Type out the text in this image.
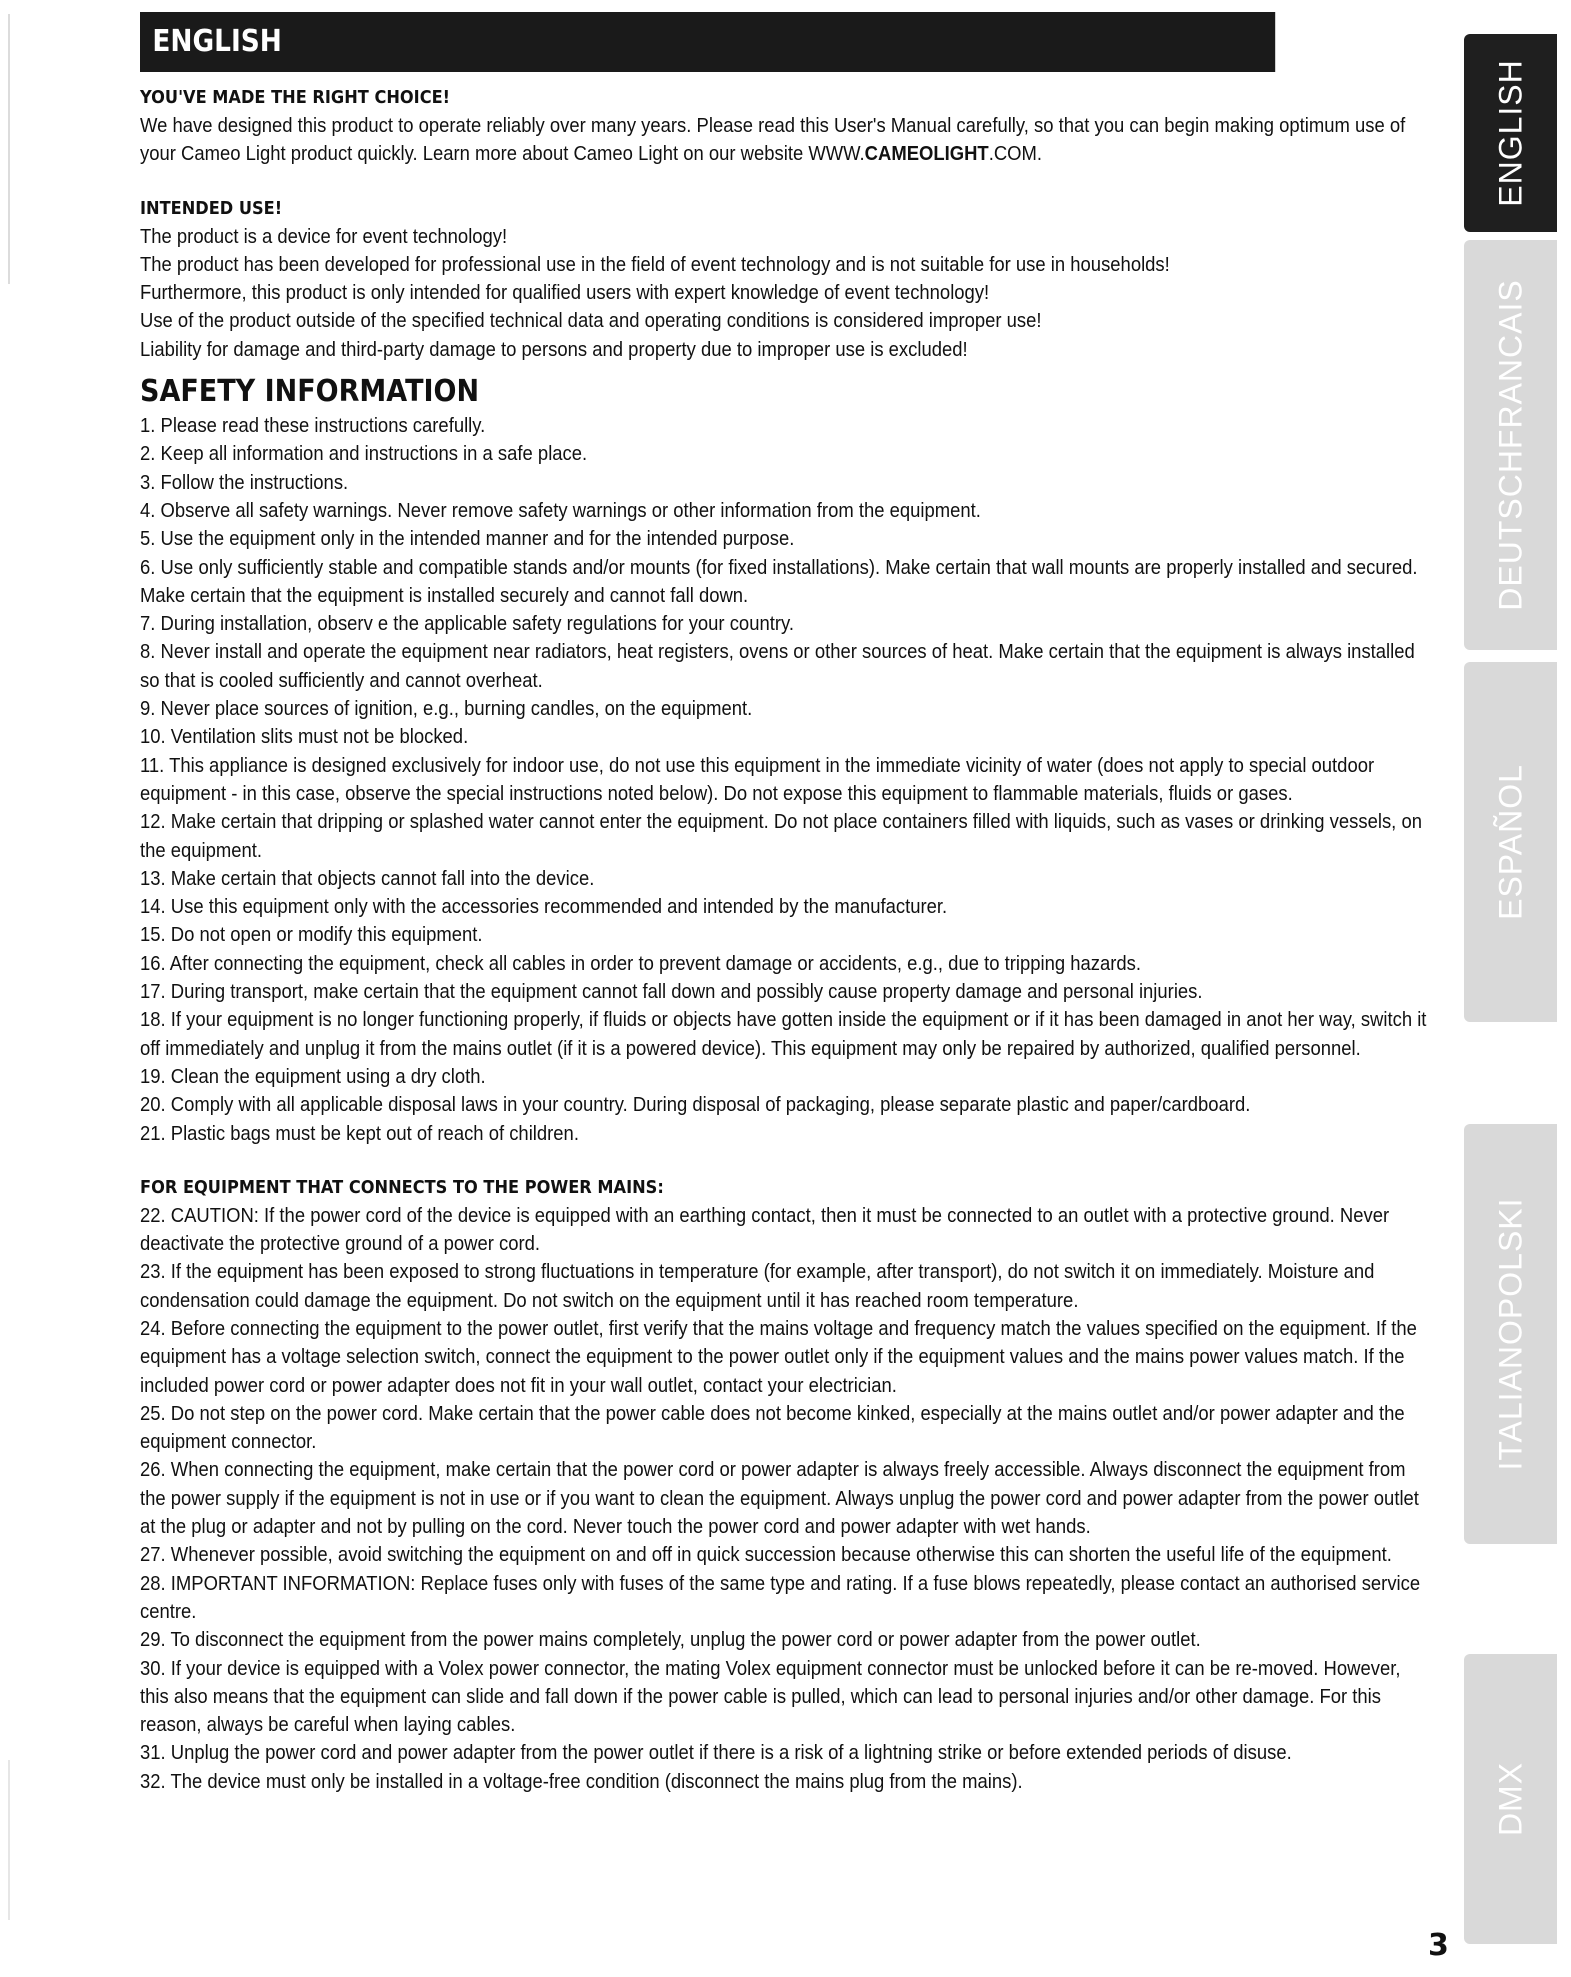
ENGLISH

YOU'VE MADE THE RIGHT CHOICE!

We have designed this product to operate reliably over many years. Please read this User's Manual carefully, so that you can begin making optimum use of your Cameo Light product quickly. Learn more about Cameo Light on our website WWW.CAMEOLIGHT.COM.

INTENDED USE!

The product is a device for event technology!

The product has been developed for professional use in the field of event technology and is not suitable for use in households!

Furthermore, this product is only intended for qualified users with expert knowledge of event technology!

Use of the product outside of the specified technical data and operating conditions is considered improper use!

Liability for damage and third-party damage to persons and property due to improper use is excluded!

SAFETY INFORMATION

1. Please read these instructions carefully.

2. Keep all information and instructions in a safe place.

3. Follow the instructions.

4. Observe all safety warnings. Never remove safety warnings or other information from the equipment.

5. Use the equipment only in the intended manner and for the intended purpose.

6. Use only sufficiently stable and compatible stands and/or mounts (for fixed installations). Make certain that wall mounts are properly installed and secured. Make certain that the equipment is installed securely and cannot fall down.

7. During installation, observ e the applicable safety regulations for your country.

8. Never install and operate the equipment near radiators, heat registers, ovens or other sources of heat. Make certain that the equipment is always installed so that is cooled sufficiently and cannot overheat.

9. Never place sources of ignition, e.g., burning candles, on the equipment.

10. Ventilation slits must not be blocked.

11. This appliance is designed exclusively for indoor use, do not use this equipment in the immediate vicinity of water (does not apply to special outdoor equipment - in this case, observe the special instructions noted below). Do not expose this equipment to flammable materials, fluids or gases.

12. Make certain that dripping or splashed water cannot enter the equipment. Do not place containers filled with liquids, such as vases or drinking vessels, on the equipment.

13. Make certain that objects cannot fall into the device.

14. Use this equipment only with the accessories recommended and intended by the manufacturer.

15. Do not open or modify this equipment.

16. After connecting the equipment, check all cables in order to prevent damage or accidents, e.g., due to tripping hazards.

17. During transport, make certain that the equipment cannot fall down and possibly cause property damage and personal injuries.

18. If your equipment is no longer functioning properly, if fluids or objects have gotten inside the equipment or if it has been damaged in anot her way, switch it off immediately and unplug it from the mains outlet (if it is a powered device). This equipment may only be repaired by authorized, qualified personnel.

19. Clean the equipment using a dry cloth.

20. Comply with all applicable disposal laws in your country. During disposal of packaging, please separate plastic and paper/cardboard.

21. Plastic bags must be kept out of reach of children.

FOR EQUIPMENT THAT CONNECTS TO THE POWER MAINS:

22. CAUTION: If the power cord of the device is equipped with an earthing contact, then it must be connected to an outlet with a protective ground. Never deactivate the protective ground of a power cord.

23. If the equipment has been exposed to strong fluctuations in temperature (for example, after transport), do not switch it on immediately. Moisture and condensation could damage the equipment. Do not switch on the equipment until it has reached room temperature.

24. Before connecting the equipment to the power outlet, first verify that the mains voltage and frequency match the values specified on the equipment. If the equipment has a voltage selection switch, connect the equipment to the power outlet only if the equipment values and the mains power values match. If the included power cord or power adapter does not fit in your wall outlet, contact your electrician.

25. Do not step on the power cord. Make certain that the power cable does not become kinked, especially at the mains outlet and/or power adapter and the equipment connector.

26. When connecting the equipment, make certain that the power cord or power adapter is always freely accessible. Always disconnect the equipment from the power supply if the equipment is not in use or if you want to clean the equipment. Always unplug the power cord and power adapter from the power outlet at the plug or adapter and not by pulling on the cord. Never touch the power cord and power adapter with wet hands.

27. Whenever possible, avoid switching the equipment on and off in quick succession because otherwise this can shorten the useful life of the equipment.

28. IMPORTANT INFORMATION: Replace fuses only with fuses of the same type and rating. If a fuse blows repeatedly, please contact an authorised service centre.

29. To disconnect the equipment from the power mains completely, unplug the power cord or power adapter from the power outlet.

30. If your device is equipped with a Volex power connector, the mating Volex equipment connector must be unlocked before it can be re-moved. However, this also means that the equipment can slide and fall down if the power cable is pulled, which can lead to personal injuries and/or other damage. For this reason, always be careful when laying cables.

31. Unplug the power cord and power adapter from the power outlet if there is a risk of a lightning strike or before extended periods of disuse.

32. The device must only be installed in a voltage-free condition (disconnect the mains plug from the mains).

ENGLISH
DEUTSCHFRANCAIS
ESPAÑOL
ITALIANOPOLSKI
DMX
3
